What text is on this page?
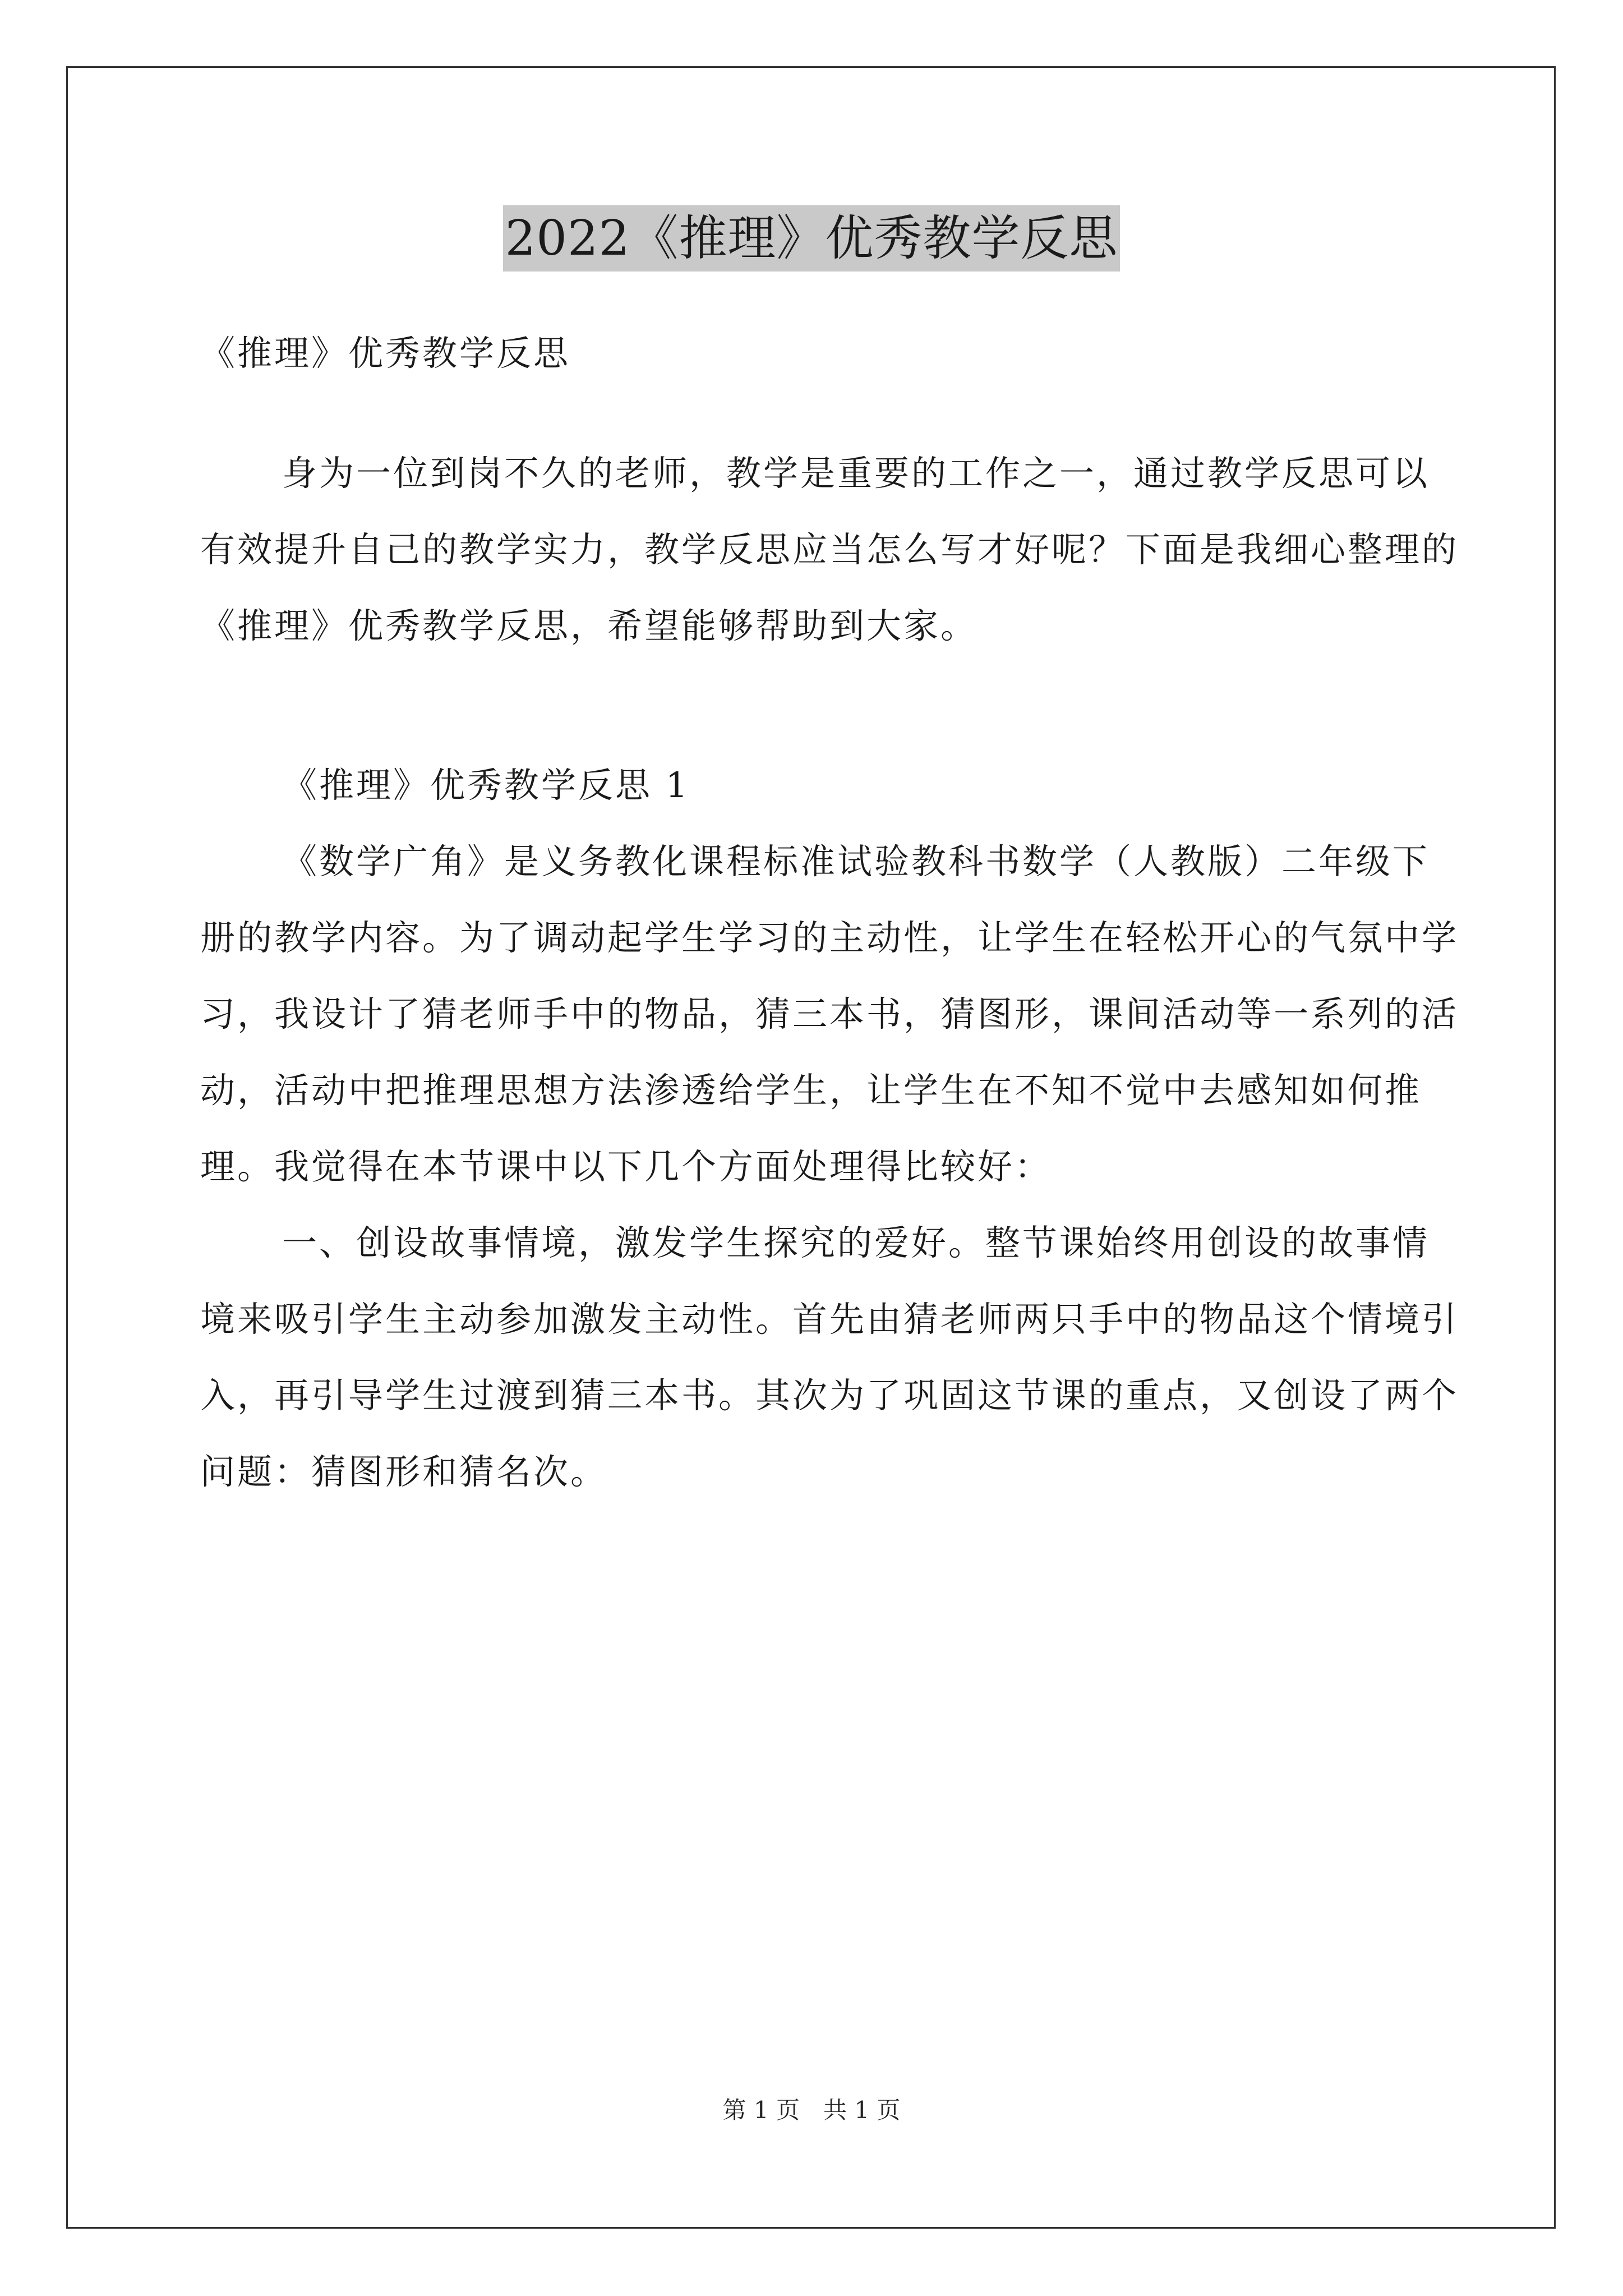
2022《推理》优秀教学反思

《推理》优秀教学反思

身为一位到岗不久的老师，教学是重要的工作之一，通过教学反思可以有效提升自己的教学实力，教学反思应当怎么写才好呢？下面是我细心整理的《推理》优秀教学反思，希望能够帮助到大家。

《推理》优秀教学反思 1

《数学广角》是义务教化课程标准试验教科书数学（人教版）二年级下册的教学内容。为了调动起学生学习的主动性，让学生在轻松开心的气氛中学习，我设计了猜老师手中的物品，猜三本书，猜图形，课间活动等一系列的活动，活动中把推理思想方法渗透给学生，让学生在不知不觉中去感知如何推理。我觉得在本节课中以下几个方面处理得比较好：

一、创设故事情境，激发学生探究的爱好。整节课始终用创设的故事情境来吸引学生主动参加激发主动性。首先由猜老师两只手中的物品这个情境引入，再引导学生过渡到猜三本书。其次为了巩固这节课的重点，又创设了两个问题：猜图形和猜名次。

第 1 页　共 1 页
